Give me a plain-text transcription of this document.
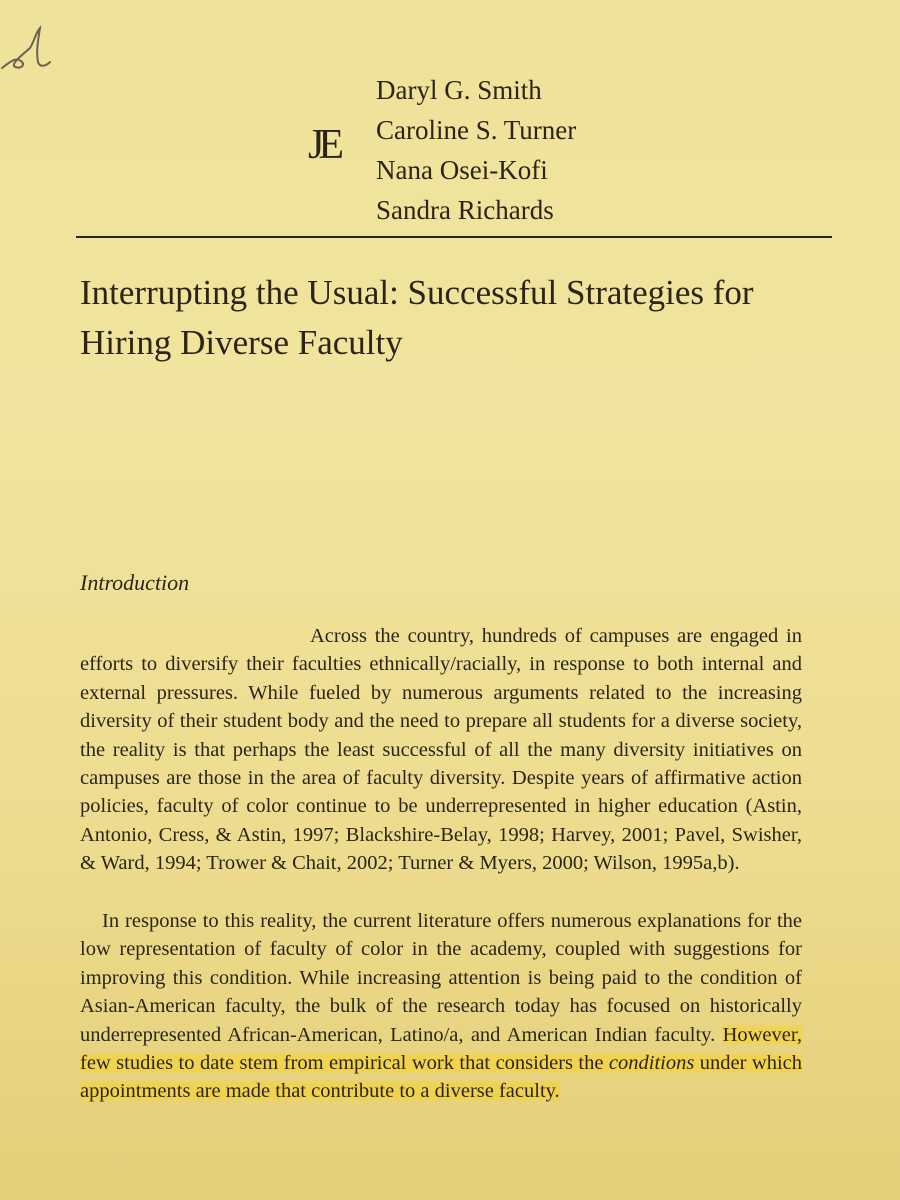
JE
Daryl G. Smith
Caroline S. Turner
Nana Osei-Kofi
Sandra Richards
Interrupting the Usual: Successful Strategies for Hiring Diverse Faculty
Introduction

Across the country, hundreds of campuses are engaged in efforts to diversify their faculties ethnically/racially, in response to both internal and external pressures. While fueled by numerous arguments related to the increasing diversity of their student body and the need to prepare all students for a diverse society, the reality is that perhaps the least successful of all the many diversity initiatives on campuses are those in the area of faculty diversity. Despite years of affirmative action policies, faculty of color continue to be underrepresented in higher education (Astin, Antonio, Cress, & Astin, 1997; Blackshire-Belay, 1998; Harvey, 2001; Pavel, Swisher, & Ward, 1994; Trower & Chait, 2002; Turner & Myers, 2000; Wilson, 1995a,b).

In response to this reality, the current literature offers numerous explanations for the low representation of faculty of color in the academy, coupled with suggestions for improving this condition. While increasing attention is being paid to the condition of Asian-American faculty, the bulk of the research today has focused on historically underrepresented African-American, Latino/a, and American Indian faculty. However, few studies to date stem from empirical work that considers the conditions under which appointments are made that contribute to a diverse faculty.
